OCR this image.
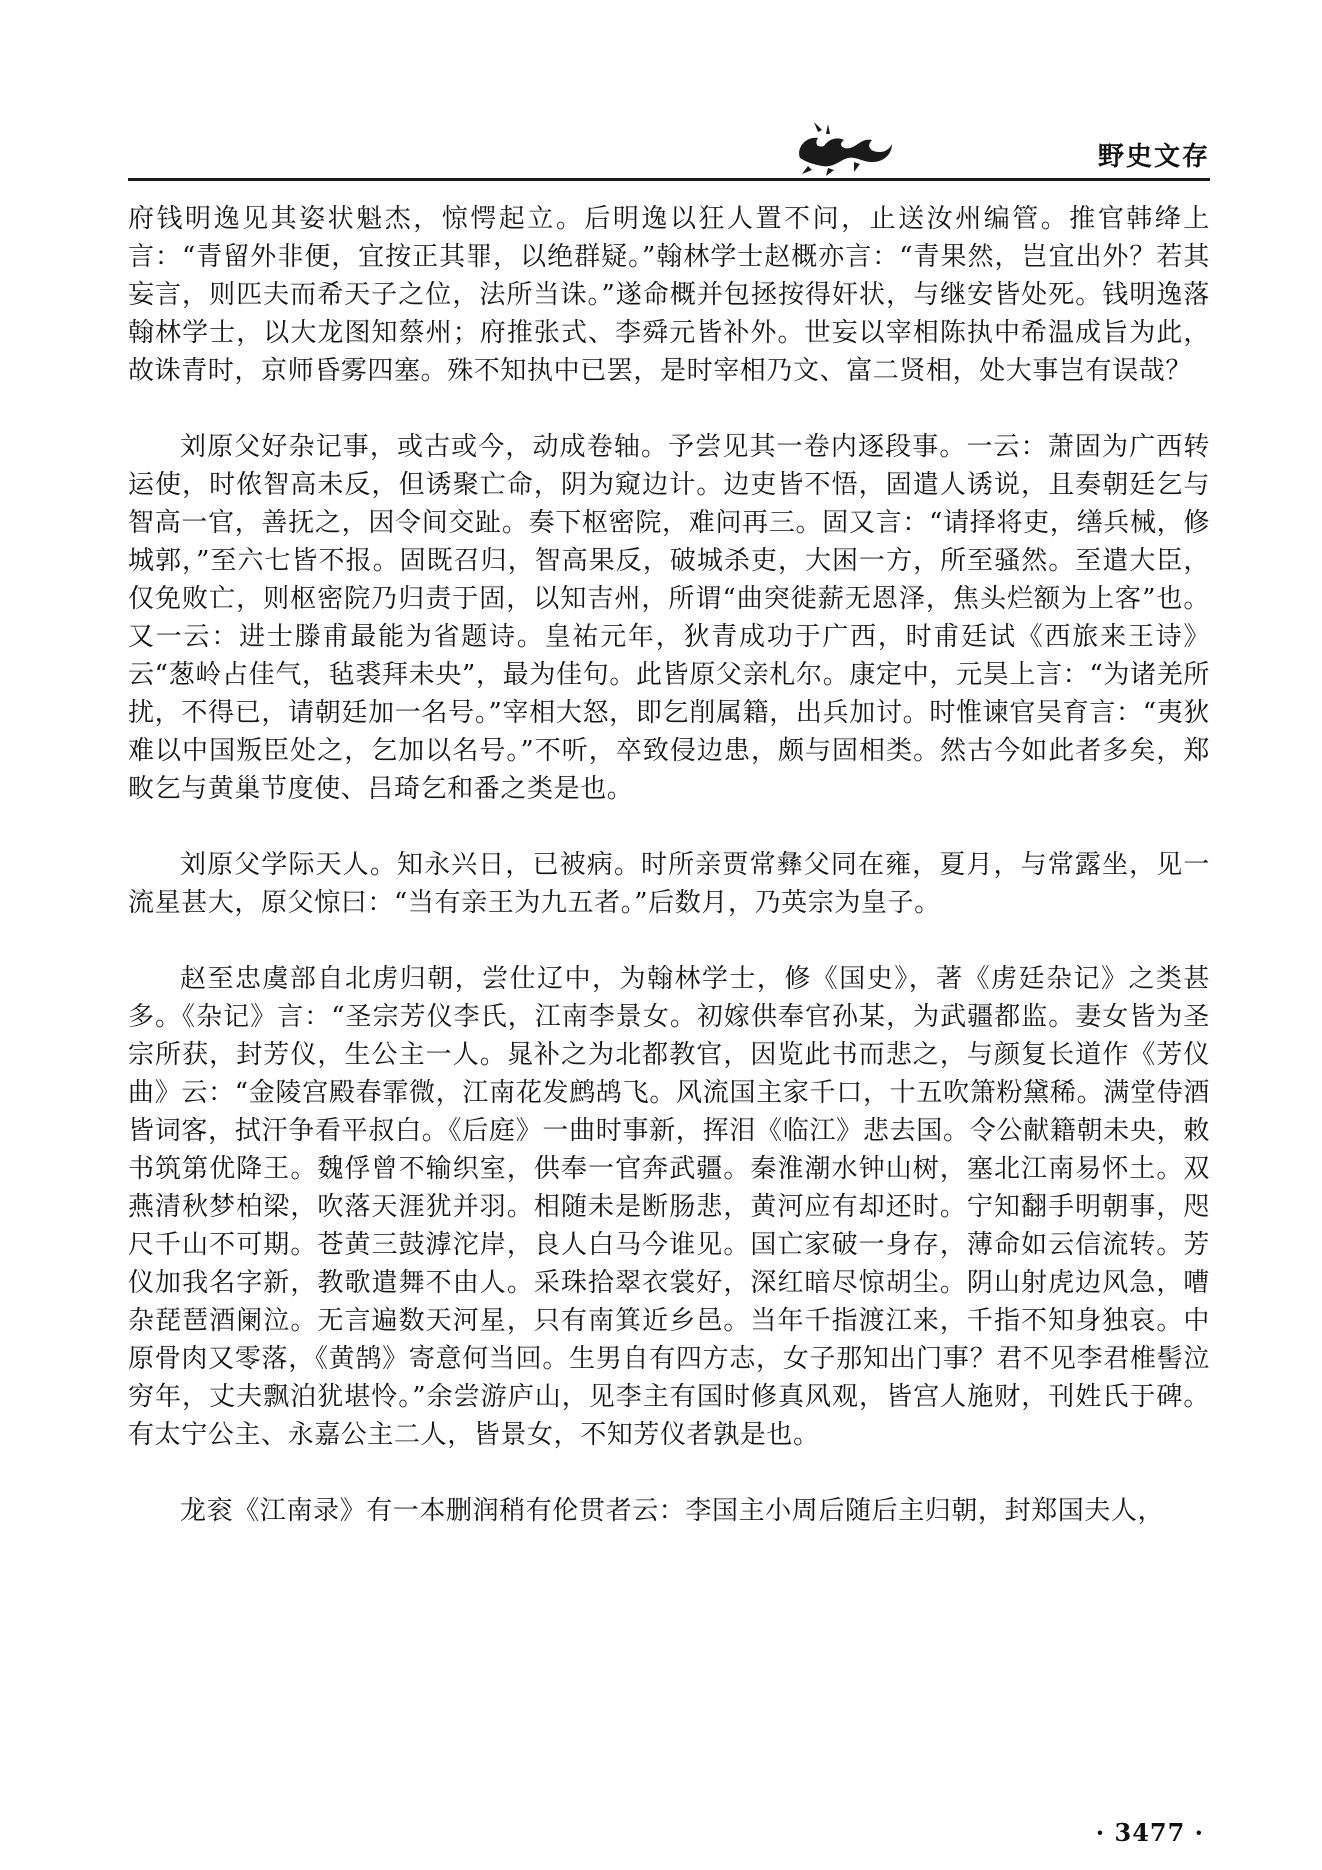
野史文存

府钱明逸见其姿状魁杰，惊愕起立。后明逸以狂人置不问，止送汝州编管。推官韩绛上言：“青留外非便，宜按正其罪，以绝群疑。”翰林学士赵概亦言：“青果然，岂宜出外？若其妄言，则匹夫而希天子之位，法所当诛。”遂命概并包拯按得奸状，与继安皆处死。钱明逸落翰林学士，以大龙图知蔡州；府推张式、李舜元皆补外。世妄以宰相陈执中希温成旨为此，故诛青时，京师昏雾四塞。殊不知执中已罢，是时宰相乃文、富二贤相，处大事岂有误哉？

刘原父好杂记事，或古或今，动成卷轴。予尝见其一卷内逐段事。一云：萧固为广西转运使，时侬智高未反，但诱聚亡命，阴为窥边计。边吏皆不悟，固遣人诱说，且奏朝廷乞与智高一官，善抚之，因令间交趾。奏下枢密院，难问再三。固又言：“请择将吏，缮兵械，修城郭，”至六七皆不报。固既召归，智高果反，破城杀吏，大困一方，所至骚然。至遣大臣，仅免败亡，则枢密院乃归责于固，以知吉州，所谓“曲突徙薪无恩泽，焦头烂额为上客”也。又一云：进士滕甫最能为省题诗。皇祐元年，狄青成功于广西，时甫廷试《西旅来王诗》云“葱岭占佳气，毡裘拜未央”，最为佳句。此皆原父亲札尔。康定中，元昊上言：“为诸羌所扰，不得已，请朝廷加一名号。”宰相大怒，即乞削属籍，出兵加讨。时惟谏官吴育言：“夷狄难以中国叛臣处之，乞加以名号。”不听，卒致侵边患，颇与固相类。然古今如此者多矣，郑畋乞与黄巢节度使、吕琦乞和番之类是也。

刘原父学际天人。知永兴日，已被病。时所亲贾常彝父同在雍，夏月，与常露坐，见一流星甚大，原父惊曰：“当有亲王为九五者。”后数月，乃英宗为皇子。

赵至忠虞部自北虏归朝，尝仕辽中，为翰林学士，修《国史》，著《虏廷杂记》之类甚多。《杂记》言：“圣宗芳仪李氏，江南李景女。初嫁供奉官孙某，为武疆都监。妻女皆为圣宗所获，封芳仪，生公主一人。晁补之为北都教官，因览此书而悲之，与颜复长道作《芳仪曲》云：“金陵宫殿春霏微，江南花发鹧鸪飞。风流国主家千口，十五吹箫粉黛稀。满堂侍酒皆词客，拭汗争看平叔白。《后庭》一曲时事新，挥泪《临江》悲去国。令公献籍朝未央，敕书筑第优降王。魏俘曾不输织室，供奉一官奔武疆。秦淮潮水钟山树，塞北江南易怀土。双燕清秋梦柏梁，吹落天涯犹并羽。相随未是断肠悲，黄河应有却还时。宁知翻手明朝事，咫尺千山不可期。苍黄三鼓滹沱岸，良人白马今谁见。国亡家破一身存，薄命如云信流转。芳仪加我名字新，教歌遣舞不由人。采珠拾翠衣裳好，深红暗尽惊胡尘。阴山射虎边风急，嘈杂琵琶酒阑泣。无言遍数天河星，只有南箕近乡邑。当年千指渡江来，千指不知身独哀。中原骨肉又零落，《黄鹄》寄意何当回。生男自有四方志，女子那知出门事？君不见李君椎髻泣穷年，丈夫飘泊犹堪怜。”余尝游庐山，见李主有国时修真风观，皆宫人施财，刊姓氏于碑。有太宁公主、永嘉公主二人，皆景女，不知芳仪者孰是也。

龙衮《江南录》有一本删润稍有伦贯者云：李国主小周后随后主归朝，封郑国夫人，

· 3477 ·
